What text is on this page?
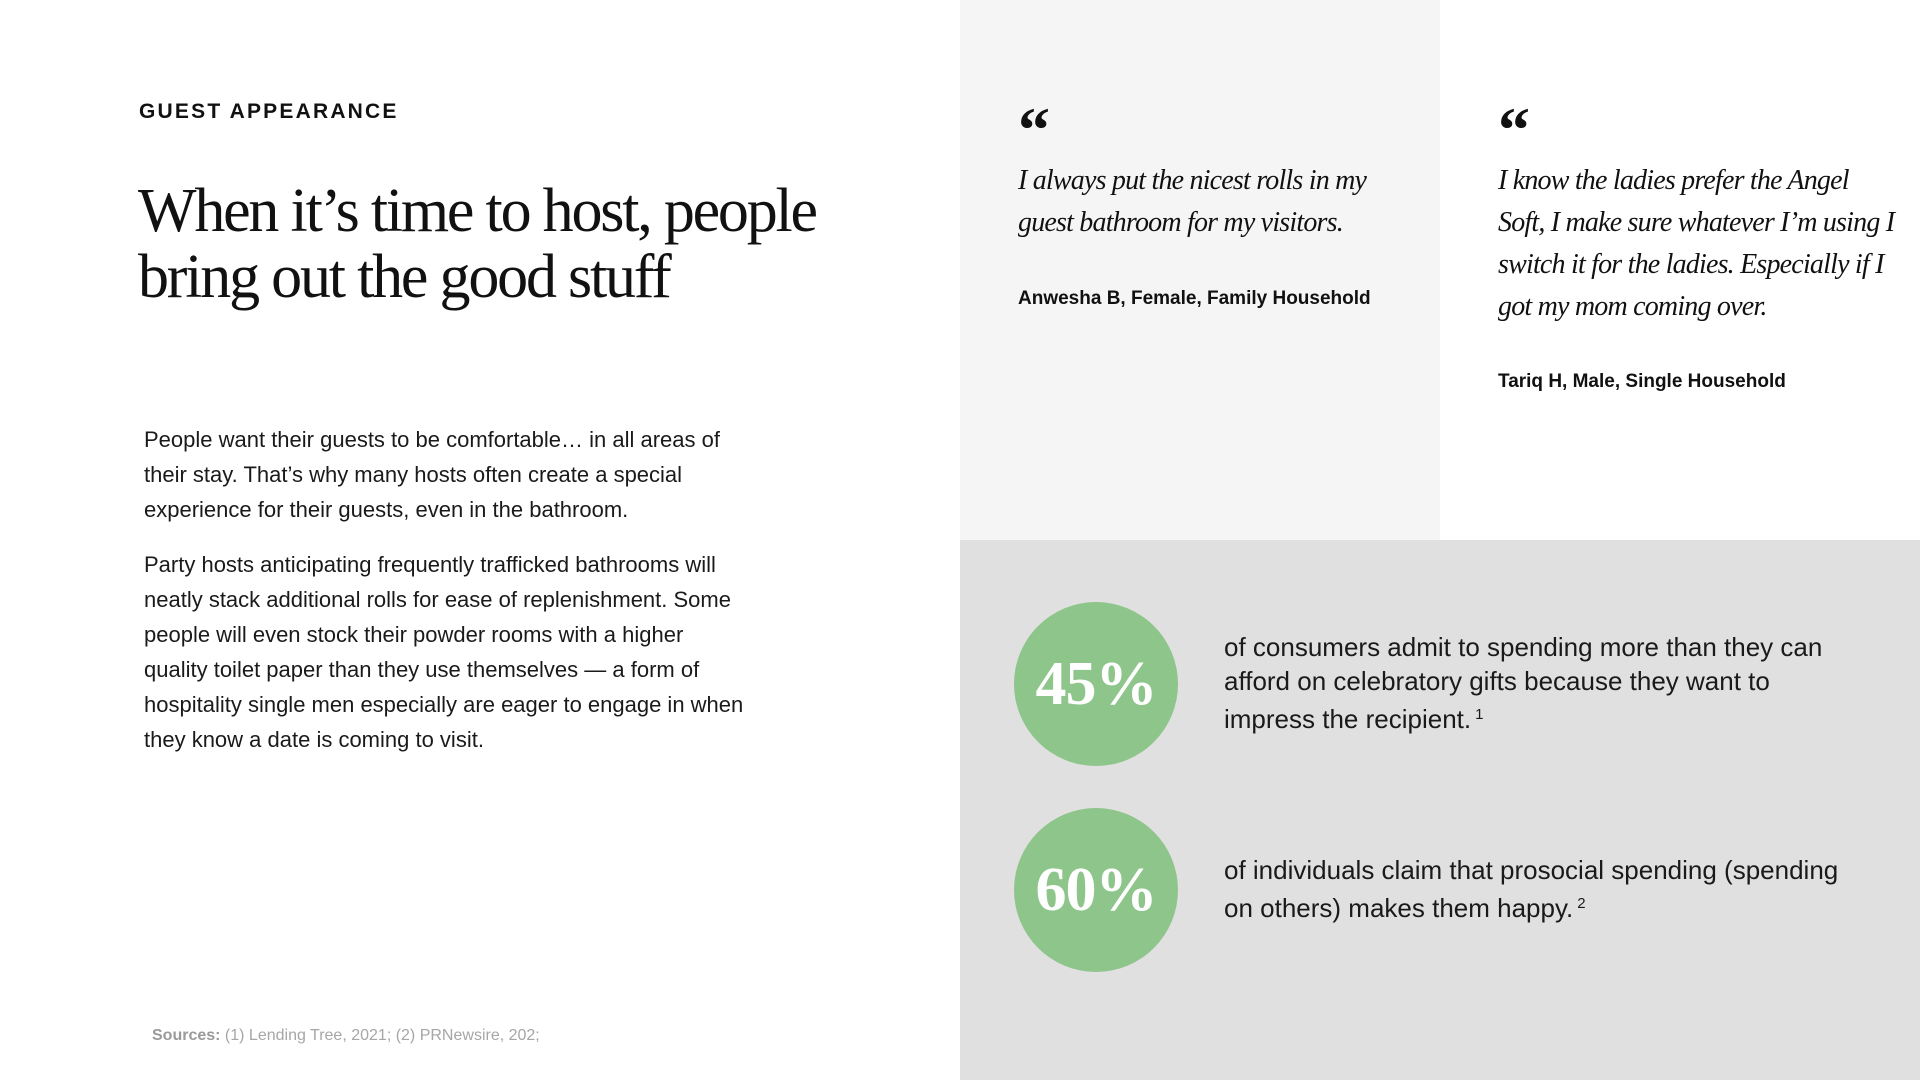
GUEST APPEARANCE
When it’s time to host, people bring out the good stuff

People want their guests to be comfortable… in all areas of their stay. That’s why many hosts often create a special experience for their guests, even in the bathroom.

Party hosts anticipating frequently trafficked bathrooms will neatly stack additional rolls for ease of replenishment. Some people will even stock their powder rooms with a higher quality toilet paper than they use themselves — a form of hospitality single men especially are eager to engage in when they know a date is coming to visit.

Sources: (1) Lending Tree, 2021; (2) PRNewsire, 202;
“
I always put the nicest rolls in my guest bathroom for my visitors.
Anwesha B, Female, Family Household
“
I know the ladies prefer the Angel Soft, I make sure whatever I’m using I switch it for the ladies. Especially if I got my mom coming over.
Tariq H, Male, Single Household
45%
of consumers admit to spending more than they can afford on celebratory gifts because they want to impress the recipient. $^1$
60%	of individuals claim that prosocial spending (spending on others) makes them happy. $^2$
